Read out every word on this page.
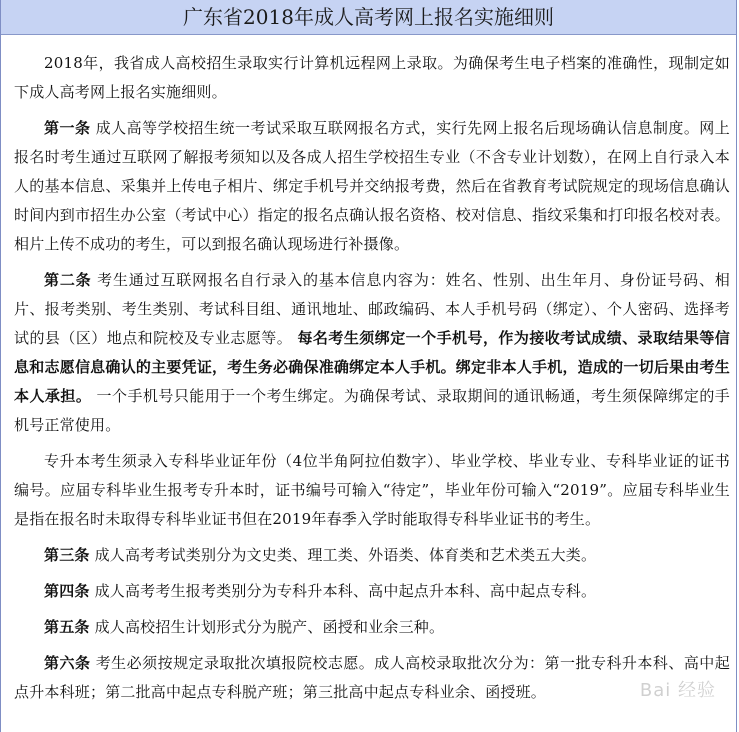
广东省2018年成人高考网上报名实施细则

2018年，我省成人高校招生录取实行计算机远程网上录取。为确保考生电子档案的准确性，现制定如下成人高考网上报名实施细则。

第一条 成人高等学校招生统一考试采取互联网报名方式，实行先网上报名后现场确认信息制度。网上报名时考生通过互联网了解报考须知以及各成人招生学校招生专业（不含专业计划数），在网上自行录入本人的基本信息、采集并上传电子相片、绑定手机号并交纳报考费，然后在省教育考试院规定的现场信息确认时间内到市招生办公室（考试中心）指定的报名点确认报名资格、校对信息、指纹采集和打印报名校对表。相片上传不成功的考生，可以到报名确认现场进行补摄像。

第二条 考生通过互联网报名自行录入的基本信息内容为：姓名、性别、出生年月、身份证号码、相片、报考类别、考生类别、考试科目组、通讯地址、邮政编码、本人手机号码（绑定）、个人密码、选择考试的县（区）地点和院校及专业志愿等。 每名考生须绑定一个手机号，作为接收考试成绩、录取结果等信息和志愿信息确认的主要凭证，考生务必确保准确绑定本人手机。绑定非本人手机，造成的一切后果由考生本人承担。 一个手机号只能用于一个考生绑定。为确保考试、录取期间的通讯畅通，考生须保障绑定的手机号正常使用。

专升本考生须录入专科毕业证年份（4位半角阿拉伯数字）、毕业学校、毕业专业、专科毕业证的证书编号。应届专科毕业生报考专升本时，证书编号可输入“待定”，毕业年份可输入“2019”。应届专科毕业生是指在报名时未取得专科毕业证书但在2019年春季入学时能取得专科毕业证书的考生。

第三条 成人高考考试类别分为文史类、理工类、外语类、体育类和艺术类五大类。

第四条 成人高考考生报考类别分为专科升本科、高中起点升本科、高中起点专科。

第五条 成人高校招生计划形式分为脱产、函授和业余三种。

第六条 考生必须按规定录取批次填报院校志愿。成人高校录取批次分为：第一批专科升本科、高中起点升本科班；第二批高中起点专科脱产班；第三批高中起点专科业余、函授班。	Bai 经验
